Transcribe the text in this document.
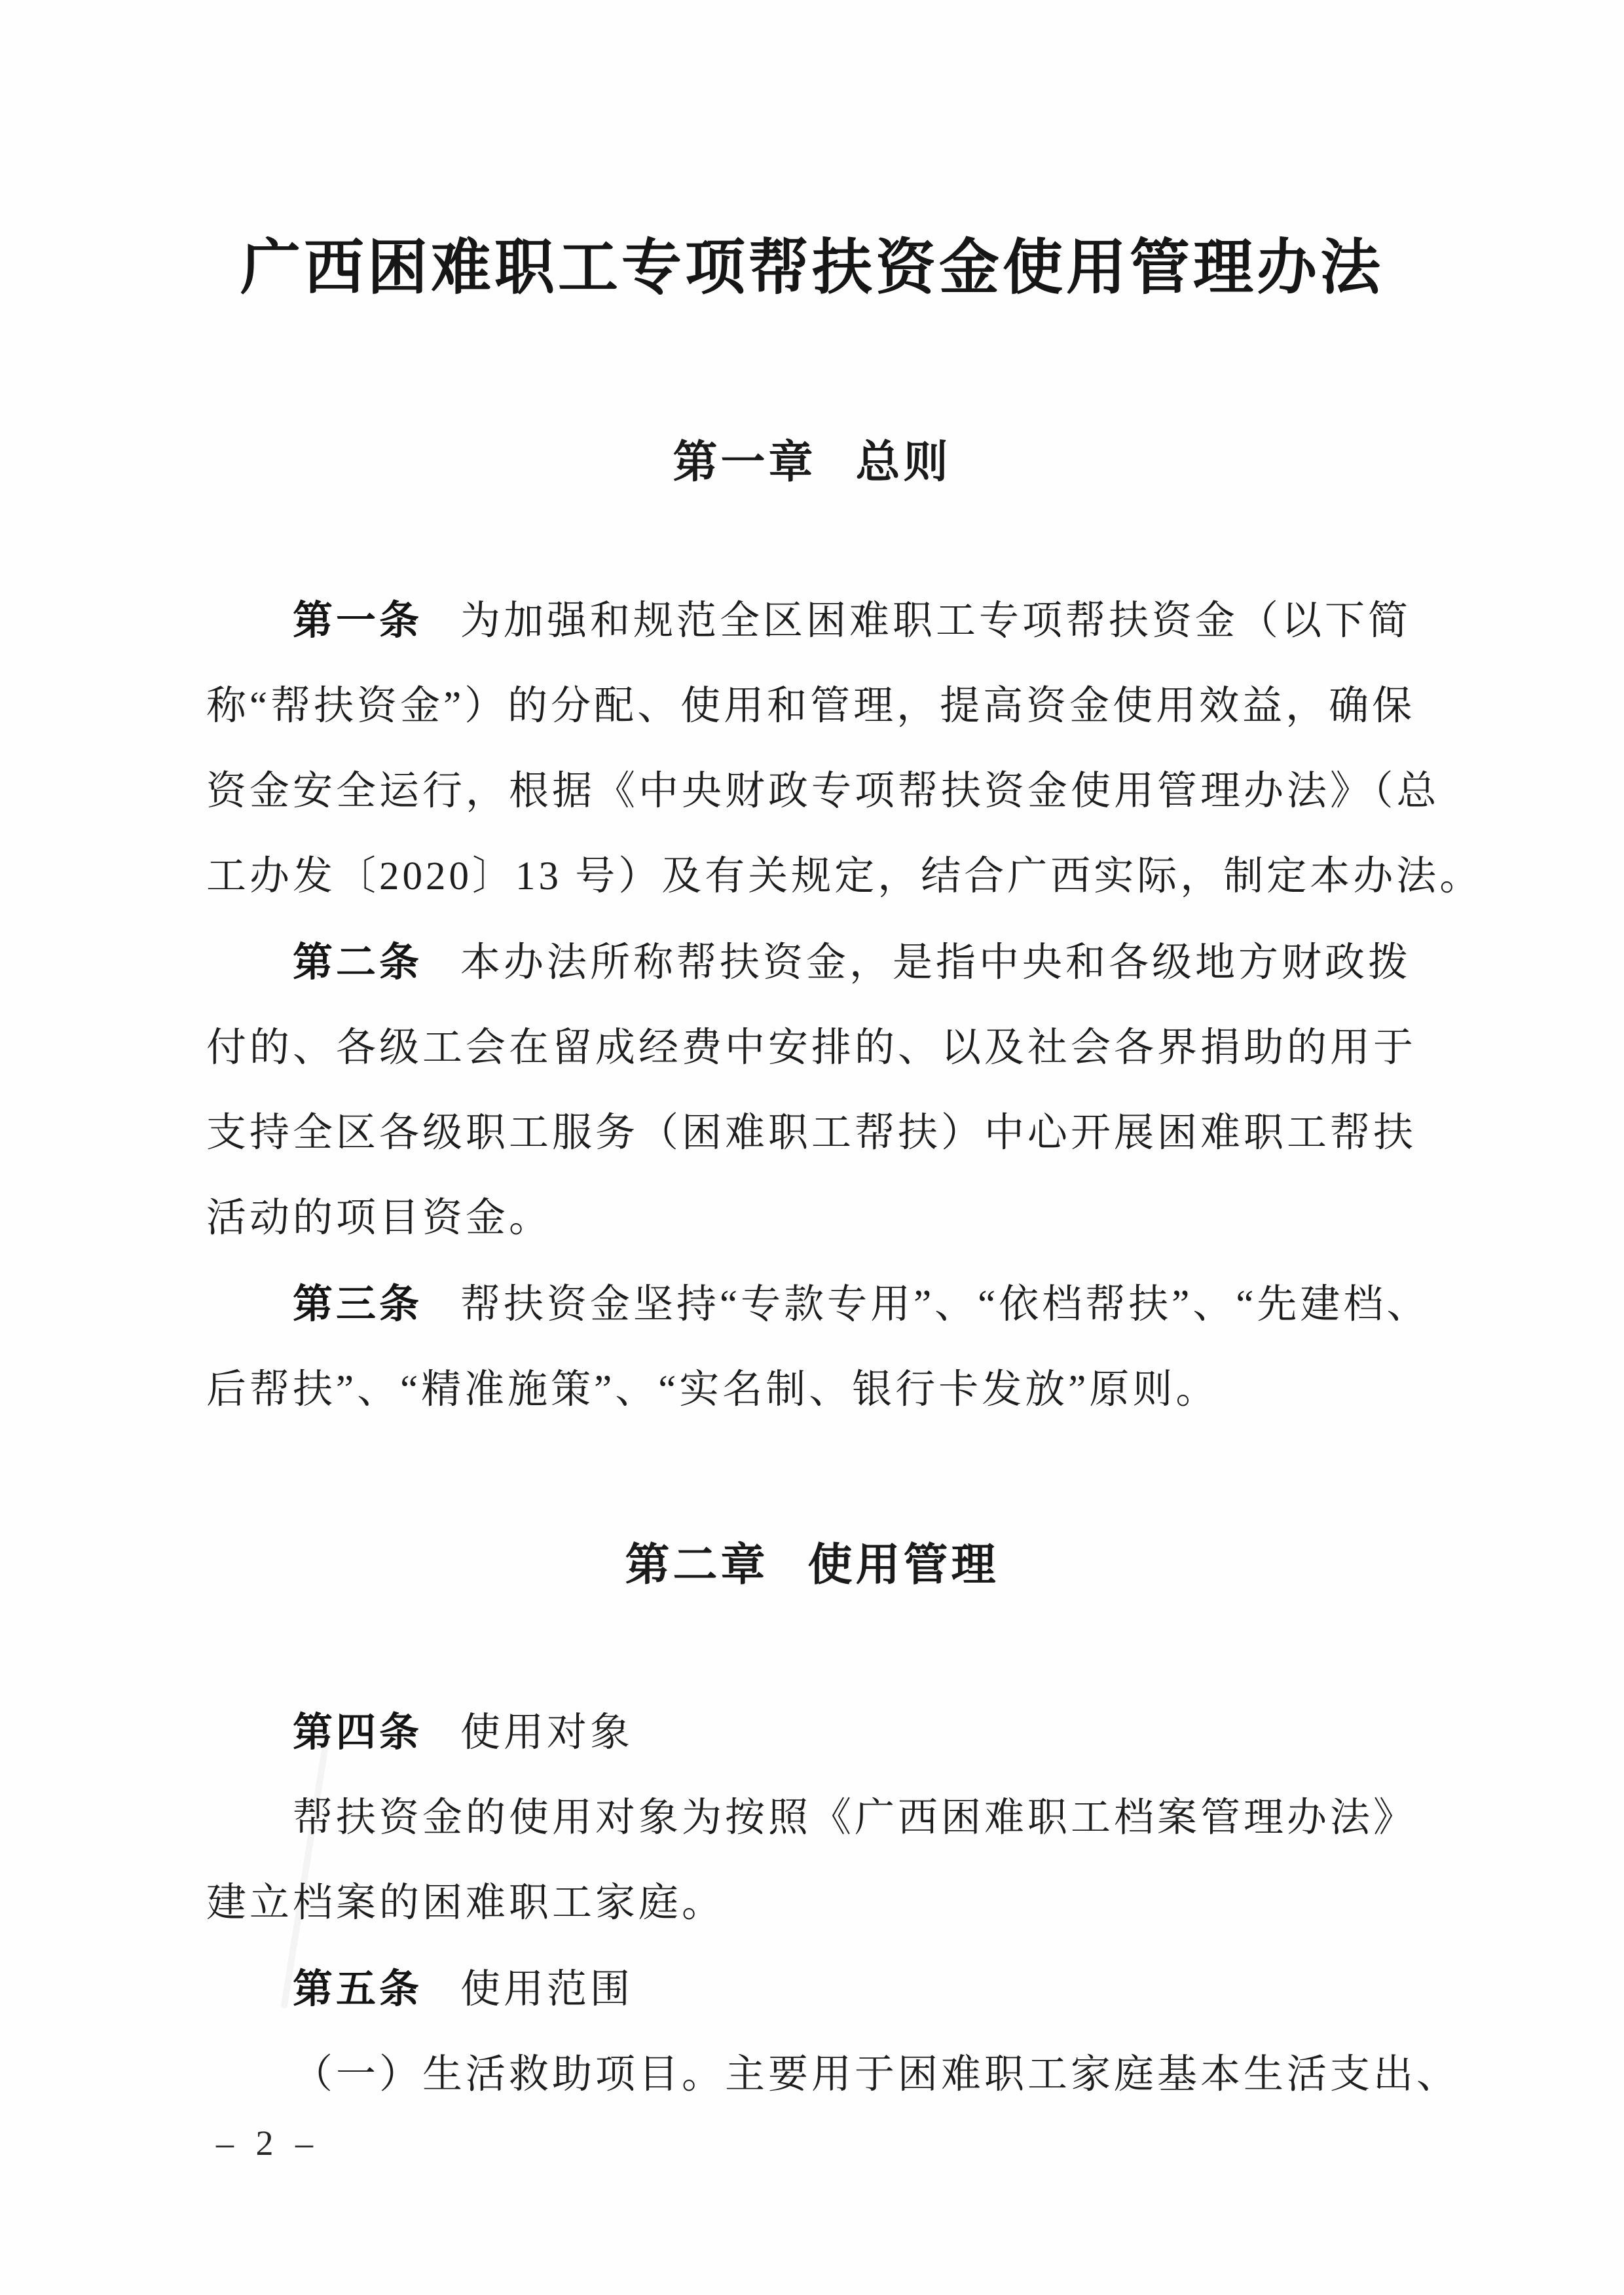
广西困难职工专项帮扶资金使用管理办法
第一章 总则
第一条 为加强和规范全区困难职工专项帮扶资金（以下简
称“帮扶资金”）的分配、使用和管理，提高资金使用效益，确保
资金安全运行，根据《中央财政专项帮扶资金使用管理办法》（总
工办发〔2020〕13 号）及有关规定，结合广西实际，制定本办法。
第二条 本办法所称帮扶资金，是指中央和各级地方财政拨
付的、各级工会在留成经费中安排的、以及社会各界捐助的用于
支持全区各级职工服务（困难职工帮扶）中心开展困难职工帮扶
活动的项目资金。
第三条 帮扶资金坚持“专款专用”、“依档帮扶”、“先建档、
后帮扶”、“精准施策”、“实名制、银行卡发放”原则。
第二章 使用管理
第四条 使用对象
帮扶资金的使用对象为按照《广西困难职工档案管理办法》
建立档案的困难职工家庭。
第五条 使用范围
（一）生活救助项目。主要用于困难职工家庭基本生活支出、
– 2 –
